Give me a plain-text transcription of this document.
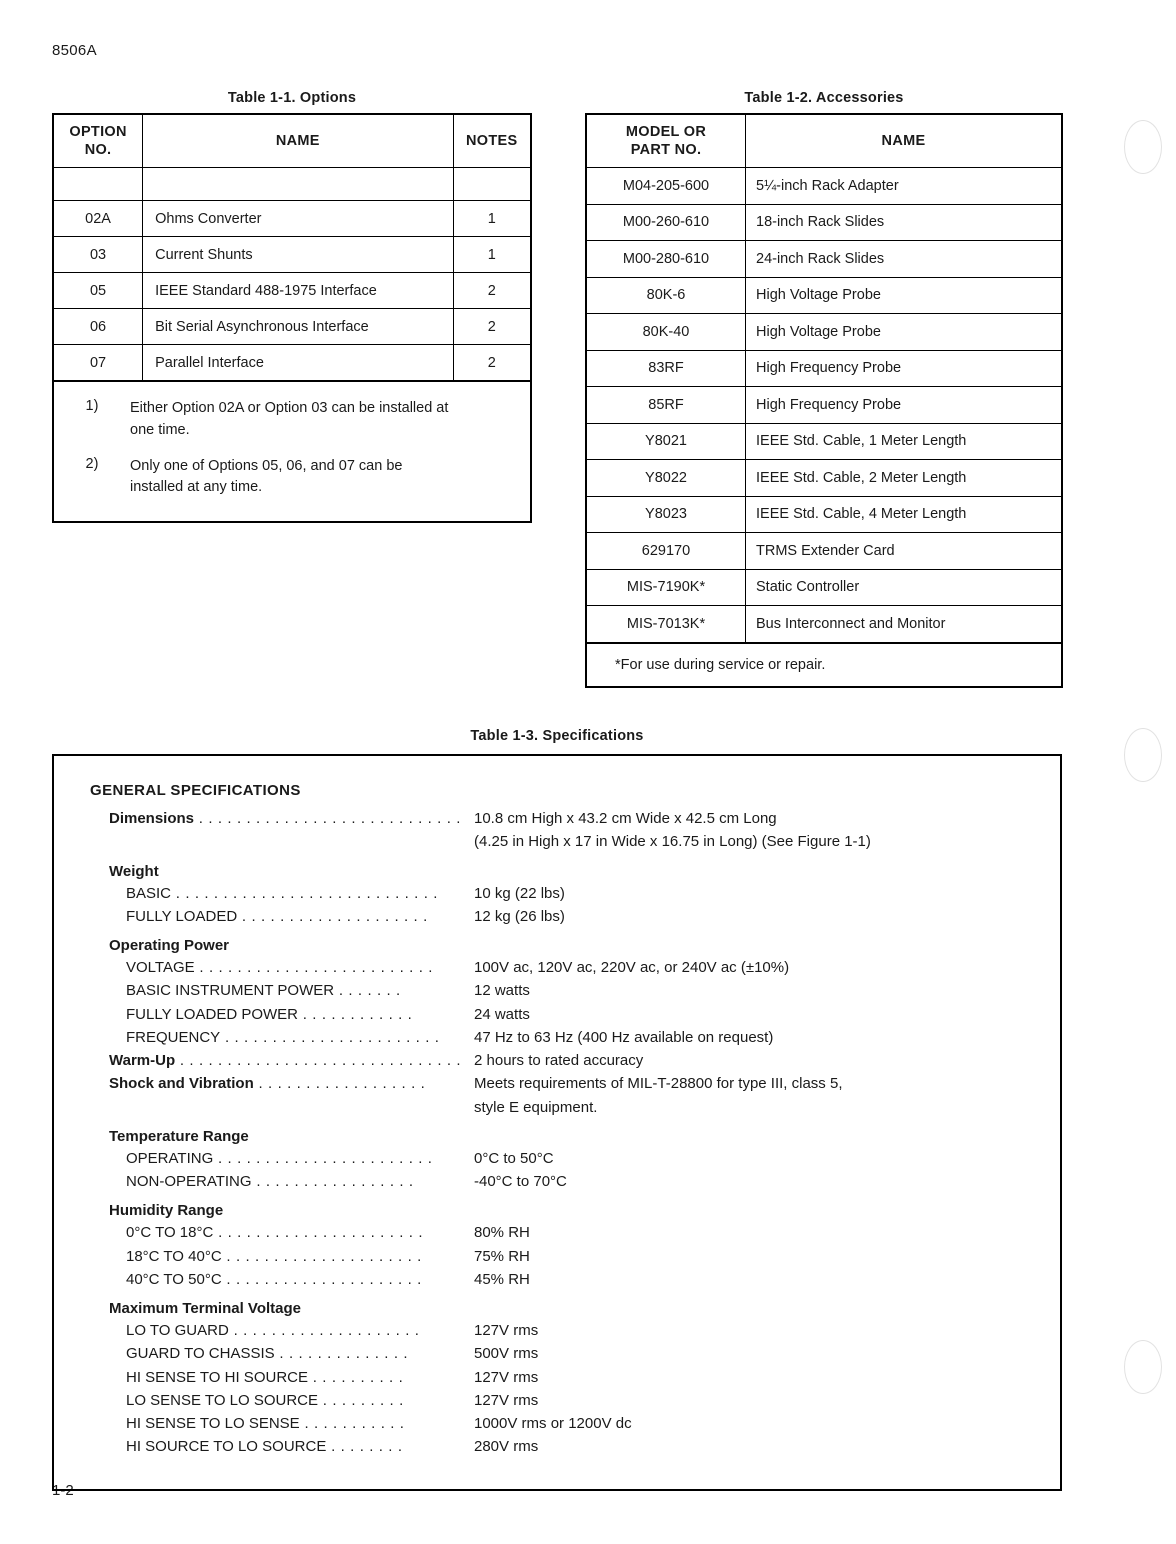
8506A
1-2
Table 1-1. Options
OPTION
NO.	NAME	NOTES

02A	Ohms Converter	1
03	Current Shunts	1
05	IEEE Standard 488-1975 Interface	2
06	Bit Serial Asynchronous Interface	2
07	Parallel Interface	2
1)	Either Option 02A or Option 03 can be installed at one time.
2)	Only one of Options 05, 06, and 07 can be installed at any time.
Table 1-2. Accessories
MODEL OR
PART NO.	NAME
M04-205-600	5¼-inch Rack Adapter
M00-260-610	18-inch Rack Slides
M00-280-610	24-inch Rack Slides
80K-6	High Voltage Probe
80K-40	High Voltage Probe
83RF	High Frequency Probe
85RF	High Frequency Probe
Y8021	IEEE Std. Cable, 1 Meter Length
Y8022	IEEE Std. Cable, 2 Meter Length
Y8023	IEEE Std. Cable, 4 Meter Length
629170	TRMS Extender Card
MIS-7190K*	Static Controller
MIS-7013K*	Bus Interconnect and Monitor
*For use during service or repair.
Table 1-3. Specifications
GENERAL SPECIFICATIONS
Dimensions . . . . . . . . . . . . . . . . . . . . . . . . . . . . 10.8 cm High x 43.2 cm Wide x 42.5 cm Long
(4.25 in High x 17 in Wide x 16.75 in Long) (See Figure 1-1)
Weight
BASIC . . . . . . . . . . . . . . . . . . . . . . . . . . . .	10 kg (22 lbs)
FULLY LOADED . . . . . . . . . . . . . . . . . . . .	12 kg (26 lbs)
Operating Power
VOLTAGE . . . . . . . . . . . . . . . . . . . . . . . . .	100V ac, 120V ac, 220V ac, or 240V ac (±10%)
BASIC INSTRUMENT POWER . . . . . . .	12 watts
FULLY LOADED POWER . . . . . . . . . . . .	24 watts
FREQUENCY . . . . . . . . . . . . . . . . . . . . . . .	47 Hz to 63 Hz (400 Hz available on request)
Warm-Up . . . . . . . . . . . . . . . . . . . . . . . . . . . . . . 2 hours to rated accuracy
Shock and Vibration . . . . . . . . . . . . . . . . . .	Meets requirements of MIL-T-28800 for type III, class 5,
style E equipment.
Temperature Range
OPERATING . . . . . . . . . . . . . . . . . . . . . . .	0°C to 50°C
NON-OPERATING . . . . . . . . . . . . . . . . .	-40°C to 70°C
Humidity Range
0°C TO 18°C . . . . . . . . . . . . . . . . . . . . . .	80% RH
18°C TO 40°C . . . . . . . . . . . . . . . . . . . . .	75% RH
40°C TO 50°C . . . . . . . . . . . . . . . . . . . . .	45% RH
Maximum Terminal Voltage
LO TO GUARD . . . . . . . . . . . . . . . . . . . .	127V rms
GUARD TO CHASSIS . . . . . . . . . . . . . .	500V rms
HI SENSE TO HI SOURCE . . . . . . . . . .	127V rms
LO SENSE TO LO SOURCE . . . . . . . . .	127V rms
HI SENSE TO LO SENSE . . . . . . . . . . .	1000V rms or 1200V dc
HI SOURCE TO LO SOURCE . . . . . . . .	280V rms
